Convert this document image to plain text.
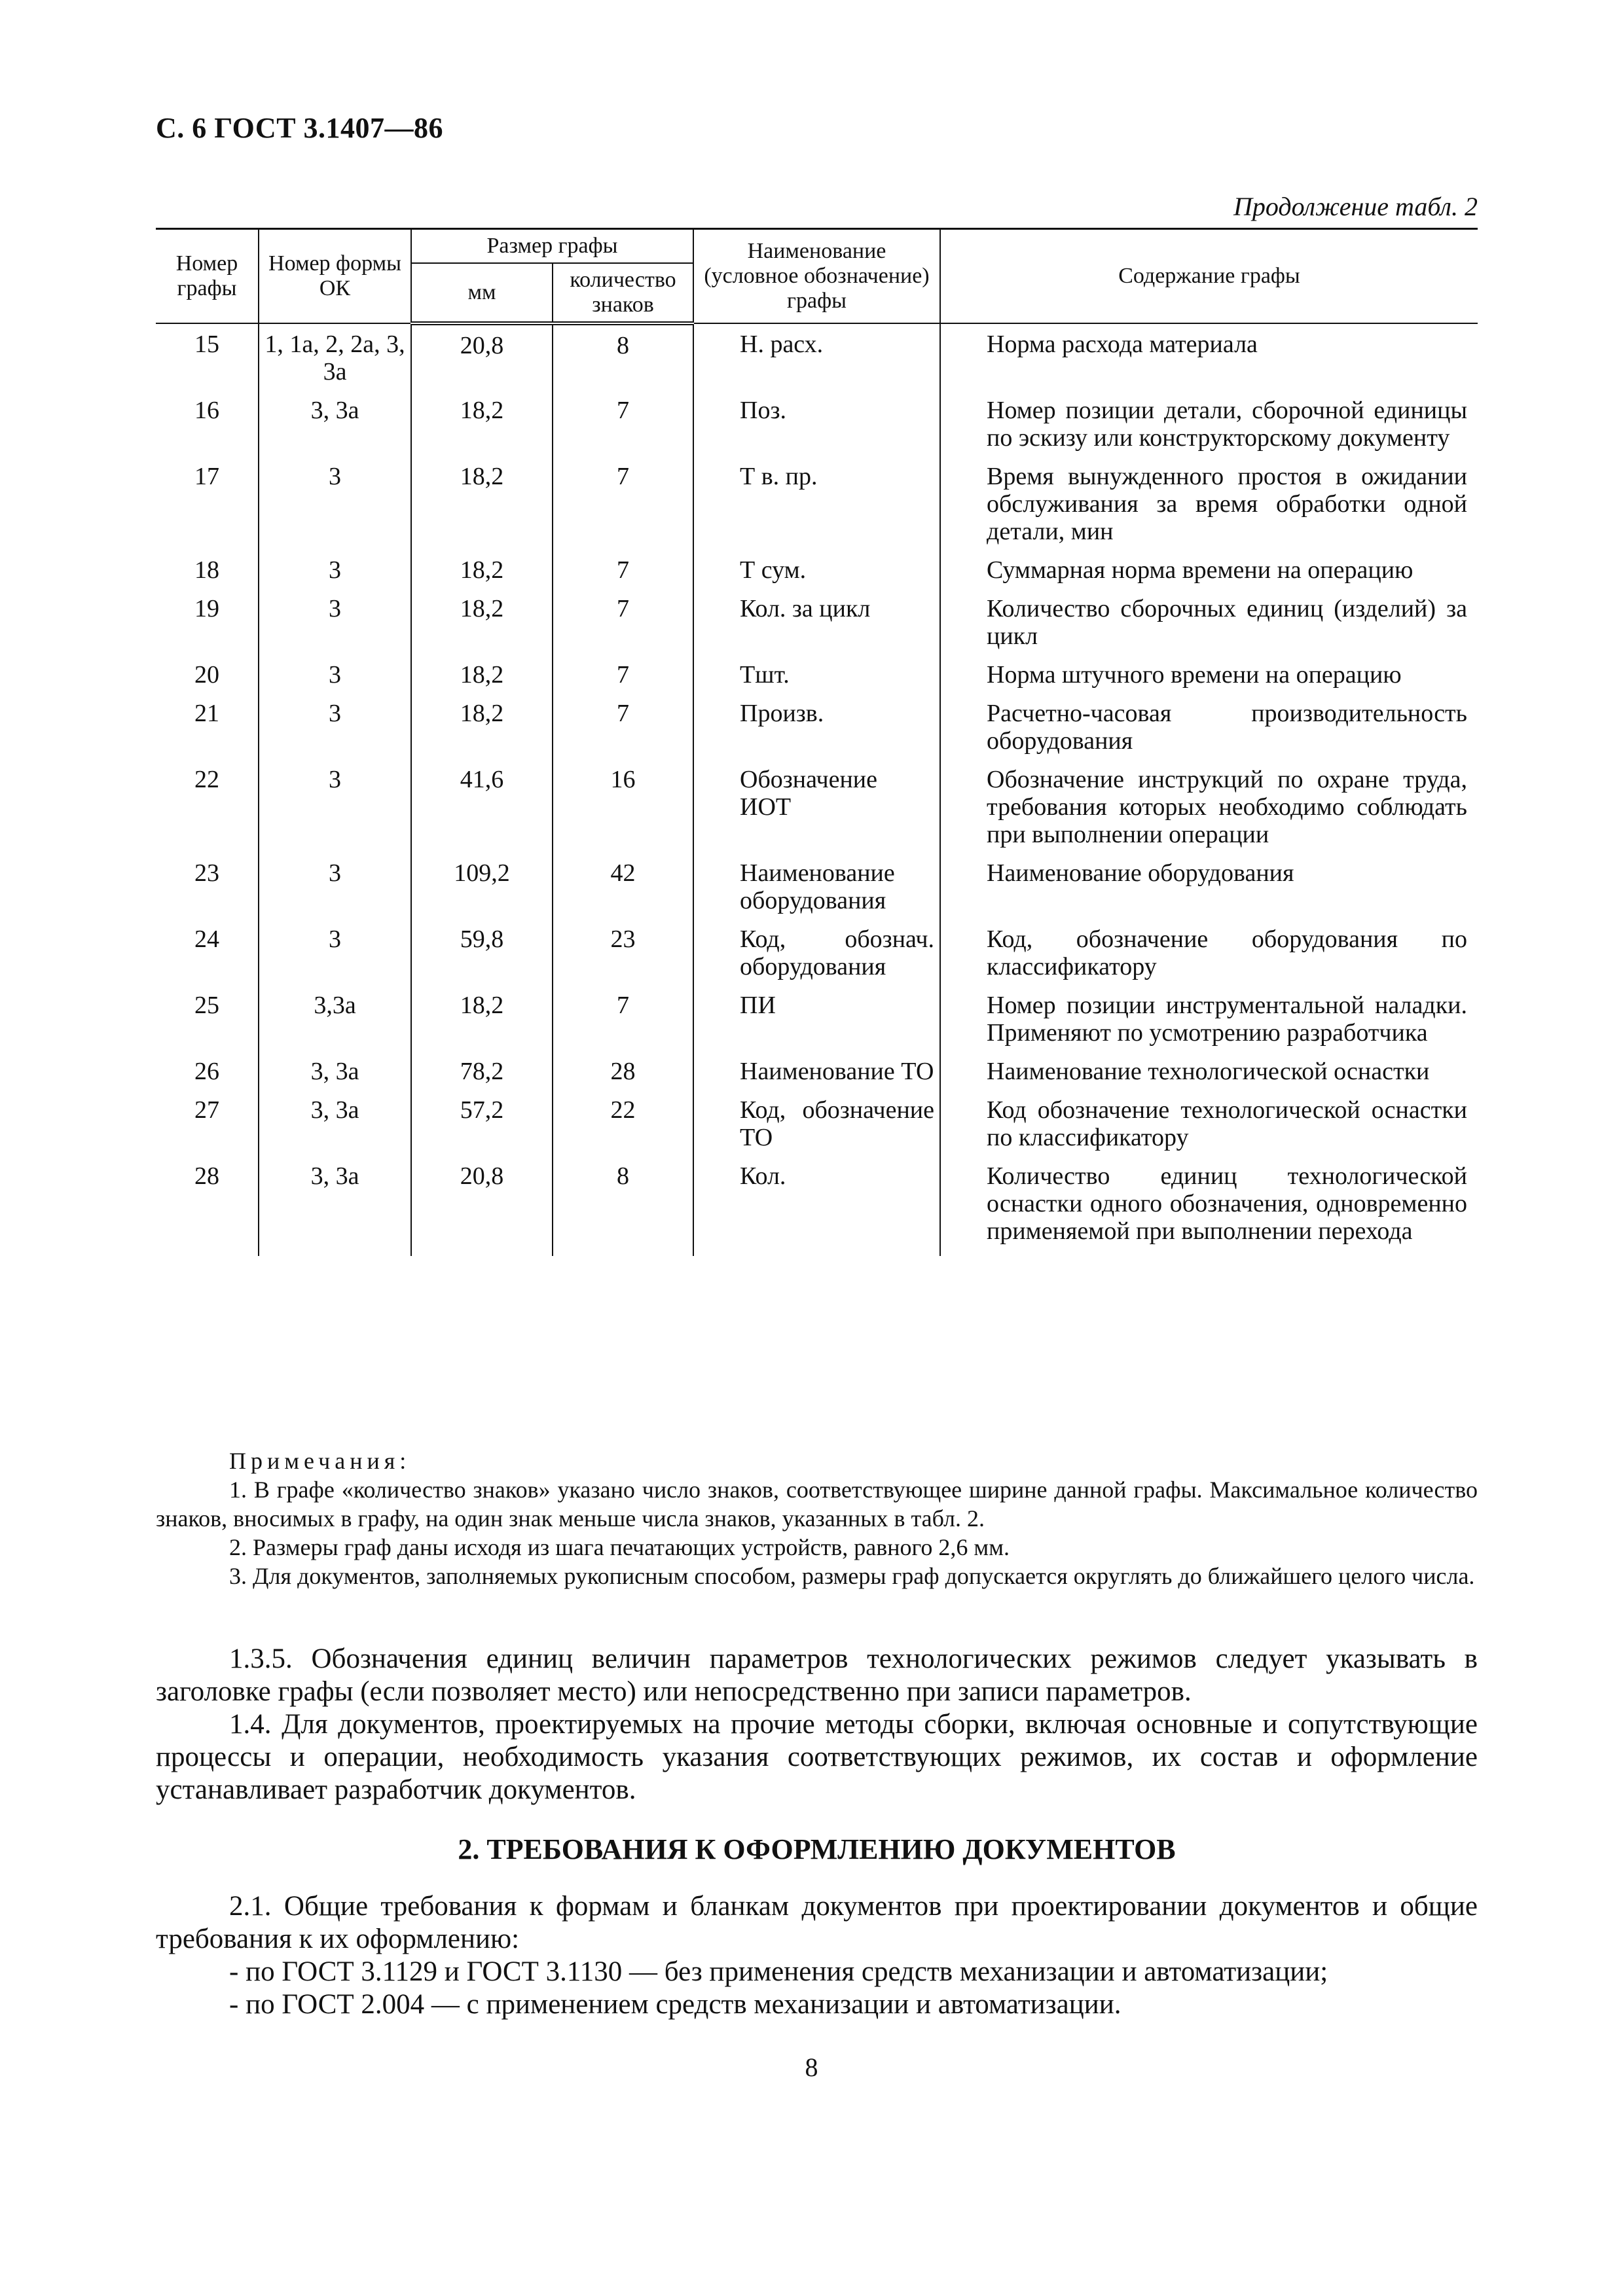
С. 6 ГОСТ 3.1407—86
Продолжение табл. 2
Номер графы	Номер формы ОК	Размер графы		Наименование (условное обозначение) графы	Содержание графы
		мм	количество знаков		
15	1, 1а, 2, 2а, 3, 3а	20,8	8	Н. расх.	Норма расхода материала
16	3, 3а	18,2	7	Поз.	Номер позиции детали, сборочной единицы по эскизу или конструкторскому документу
17	3	18,2	7	Т в. пр.	Время вынужденного простоя в ожидании обслуживания за время обработки одной детали, мин
18	3	18,2	7	Т сум.	Суммарная норма времени на операцию
19	3	18,2	7	Кол. за цикл	Количество сборочных единиц (изделий) за цикл
20	3	18,2	7	Тшт.	Норма штучного времени на операцию
21	3	18,2	7	Произв.	Расчетно-часовая производительность оборудования
22	3	41,6	16	Обозначение ИОТ	Обозначение инструкций по охране труда, требования которых необходимо соблюдать при выполнении операции
23	3	109,2	42	Наименование оборудования	Наименование оборудования
24	3	59,8	23	Код, обознач. оборудования	Код, обозначение оборудования по классификатору
25	3,3а	18,2	7	ПИ	Номер позиции инструментальной наладки. Применяют по усмотрению разработчика
26	3, 3а	78,2	28	Наименование ТО	Наименование технологической оснастки
27	3, 3а	57,2	22	Код, обозначение ТО	Код обозначение технологической оснастки по классификатору
28	3, 3а	20,8	8	Кол.	Количество единиц технологической оснастки одного обозначения, одновременно применяемой при выполнении перехода
Примечания:

1. В графе «количество знаков» указано число знаков, соответствующее ширине данной графы. Максимальное количество знаков, вносимых в графу, на один знак меньше числа знаков, указанных в табл. 2.

2. Размеры граф даны исходя из шага печатающих устройств, равного 2,6 мм.

3. Для документов, заполняемых рукописным способом, размеры граф допускается округлять до ближайшего целого числа.

1.3.5. Обозначения единиц величин параметров технологических режимов следует указывать в заголовке графы (если позволяет место) или непосредственно при записи параметров.

1.4. Для документов, проектируемых на прочие методы сборки, включая основные и сопутствующие процессы и операции, необходимость указания соответствующих режимов, их состав и оформление устанавливает разработчик документов.

2. ТРЕБОВАНИЯ К ОФОРМЛЕНИЮ ДОКУМЕНТОВ

2.1. Общие требования к формам и бланкам документов при проектировании документов и общие требования к их оформлению:

- по ГОСТ 3.1129 и ГОСТ 3.1130 — без применения средств механизации и автоматизации;

- по ГОСТ 2.004 — с применением средств механизации и автоматизации.

8
